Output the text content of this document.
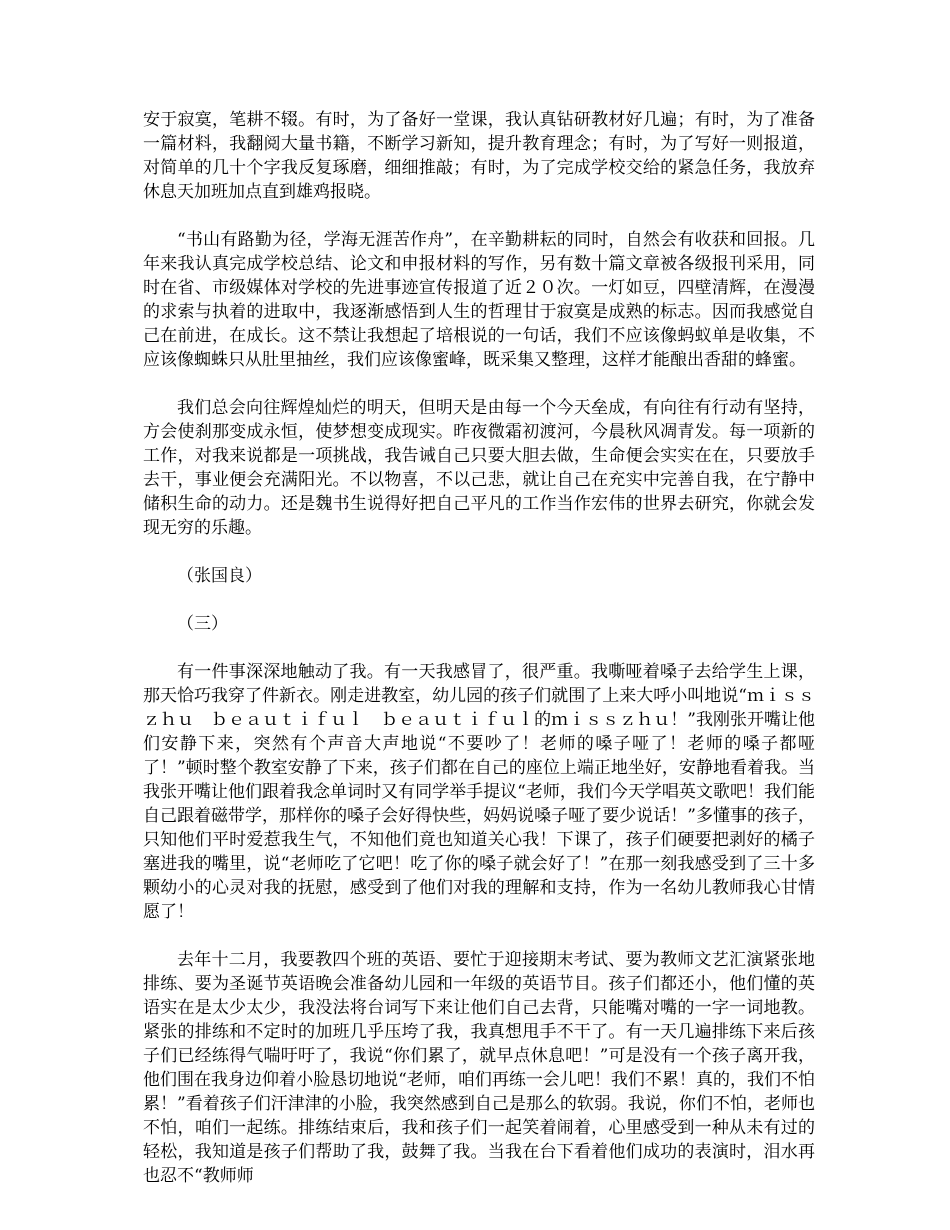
安于寂寞，笔耕不辍。有时，为了备好一堂课，我认真钻研教材好几遍；有时，为了准备一篇材料，我翻阅大量书籍，不断学习新知，提升教育理念；有时，为了写好一则报道，对简单的几十个字我反复琢磨，细细推敲；有时，为了完成学校交给的紧急任务，我放弃休息天加班加点直到雄鸡报晓。

“书山有路勤为径，学海无涯苦作舟”，在辛勤耕耘的同时，自然会有收获和回报。几年来我认真完成学校总结、论文和申报材料的写作，另有数十篇文章被各级报刊采用，同时在省、市级媒体对学校的先进事迹宣传报道了近２０次。一灯如豆，四壁清辉，在漫漫的求索与执着的进取中，我逐渐感悟到人生的哲理甘于寂寞是成熟的标志。因而我感觉自己在前进，在成长。这不禁让我想起了培根说的一句话，我们不应该像蚂蚁单是收集，不应该像蜘蛛只从肚里抽丝，我们应该像蜜峰，既采集又整理，这样才能酿出香甜的蜂蜜。

我们总会向往辉煌灿烂的明天，但明天是由每一个今天垒成，有向往有行动有坚持，方会使刹那变成永恒，使梦想变成现实。昨夜微霜初渡河，今晨秋风凋青发。每一项新的工作，对我来说都是一项挑战，我告诫自己只要大胆去做，生命便会实实在在，只要放手去干，事业便会充满阳光。不以物喜，不以己悲，就让自己在充实中完善自我，在宁静中储积生命的动力。还是魏书生说得好把自己平凡的工作当作宏伟的世界去研究，你就会发现无穷的乐趣。

（张国良）

（三）

有一件事深深地触动了我。有一天我感冒了，很严重。我嘶哑着嗓子去给学生上课，那天恰巧我穿了件新衣。刚走进教室，幼儿园的孩子们就围了上来大呼小叫地说“ｍｉｓｓｚｈｕ　ｂｅａｕｔｉｆｕｌ　ｂｅａｕｔｉｆｕｌ的ｍｉｓｓｚｈｕ！”我刚张开嘴让他们安静下来，突然有个声音大声地说“不要吵了！老师的嗓子哑了！老师的嗓子都哑了！”顿时整个教室安静了下来，孩子们都在自己的座位上端正地坐好，安静地看着我。当我张开嘴让他们跟着我念单词时又有同学举手提议“老师，我们今天学唱英文歌吧！我们能自己跟着磁带学，那样你的嗓子会好得快些，妈妈说嗓子哑了要少说话！”多懂事的孩子，只知他们平时爱惹我生气，不知他们竟也知道关心我！下课了，孩子们硬要把剥好的橘子塞进我的嘴里，说“老师吃了它吧！吃了你的嗓子就会好了！”在那一刻我感受到了三十多颗幼小的心灵对我的抚慰，感受到了他们对我的理解和支持，作为一名幼儿教师我心甘情愿了！

去年十二月，我要教四个班的英语、要忙于迎接期末考试、要为教师文艺汇演紧张地排练、要为圣诞节英语晚会准备幼儿园和一年级的英语节目。孩子们都还小，他们懂的英语实在是太少太少，我没法将台词写下来让他们自己去背，只能嘴对嘴的一字一词地教。紧张的排练和不定时的加班几乎压垮了我，我真想甩手不干了。有一天几遍排练下来后孩子们已经练得气喘吁吁了，我说“你们累了，就早点休息吧！”可是没有一个孩子离开我，他们围在我身边仰着小脸恳切地说“老师，咱们再练一会儿吧！我们不累！真的，我们不怕累！”看着孩子们汗津津的小脸，我突然感到自己是那么的软弱。我说，你们不怕，老师也不怕，咱们一起练。排练结束后，我和孩子们一起笑着闹着，心里感受到一种从未有过的轻松，我知道是孩子们帮助了我，鼓舞了我。当我在台下看着他们成功的表演时，泪水再也忍不“教师师
